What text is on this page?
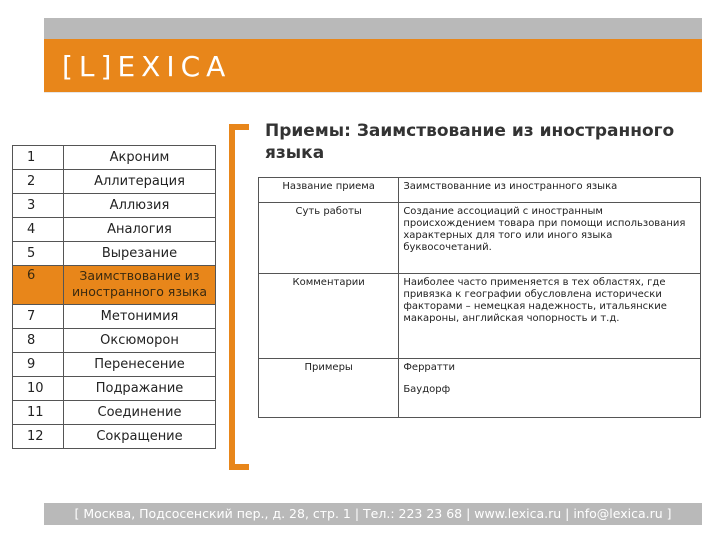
[L]EXICA
1	Акроним
2	Аллитерация
3	Аллюзия
4	Аналогия
5	Вырезание
6	Заимствование из иностранного языка
7	Метонимия
8	Оксюморон
9	Перенесение
10	Подражание
11	Соединение
12	Сокращение
Приемы: Заимствование из иностранного языка
Название приема	Заимствованние из иностранного языка
Суть работы	Создание ассоциаций с иностранным происхождением товара при помощи использования характерных для того или иного языка буквосочетаний.
Комментарии	Наиболее часто применяется в тех областях, где привязка к географии обусловлена исторически факторами – немецкая надежность, итальянские макароны, английская чопорность и т.д.
Примеры	Ферратти
Баудорф
[ Москва, Подсосенский пер., д. 28, стр. 1 | Тел.: 223 23 68 | www.lexica.ru | info@lexica.ru ]
